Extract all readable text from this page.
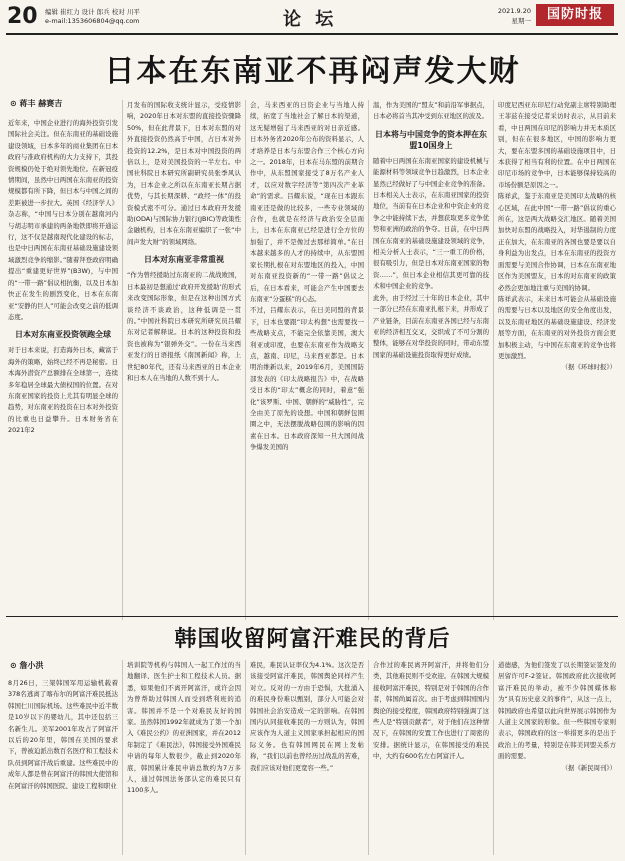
20 编辑 崔红力 设计 郎兵 校对 川平
e-mail:1353606804@qq.com	论 坛	2021.9.20
星期一	国防时报
日本在东南亚不再闷声发大财
⊙ 蒋丰 赫赛吉

近年来，中国企业进行的海外投资引发国际社会关注。但在东南亚的基础设施建设领域，日本多年的商业集团在日本政府与准政府机构的大力支持下，其投资规模仍处于绝对领先地位。在新冠疫情期间，虽然中日两国在东南亚的投资规模都有所下降，但日本与中国之间的差距被进一步拉大。英国《经济学人》杂志称，“中国与日本分别在越南河内与胡志明市承建的两条地铁即将开通运行，这不仅是越南现代化建设的标志，也是中日两国在东南亚基础设施建设领域激烈竞争的缩影。”随着拜登政府明确提出“重建更好世界”(B3W)，与中国的“一带一路”倡议相抗衡，以及日本加快正在发生的剧烈变化，日本在东南亚“安静的巨人”可能会改变之前的低调态度。

日本对东南亚投资领跑全球

对于日本来说，打造海外日本，藏富于海外的策略，始终已经不再是秘密。日本海外潜资产总额排在全球第一，连续多年稳居全球最大债权国的位置。在对东南亚国家的投资上尤其有明显全球的趋势，对东南亚的投资在日本对外投资的比重也日益攀升。日本财务省在2021年2

月发布的国际收支统计显示，受疫情影响，2020年日本对东盟的直接投资骤降50%，但在此背景下，日本对东盟的对外直接投资仍然高于中国，占日本对外投资的12.2%，是日本对中国投资的两倍以上，是对美国投资的一半左右。中国社科院日本研究所副研究员张季风认为，日本企业之所以在东南亚长期占据优势，与其长期深耕、“政经一体”的投资模式密不可分。通过日本政府开发援助(ODA)与国际协力银行(JBIC)等政策性金融机构，日本在东南亚编织了一张“中间声发大财”的领域网络。

日本对东南亚非常重视

“作为曾经援助过东南亚的二战战败国，日本最初是想通过‘政府开发援助’的形式来改变国际形象，但是在这种出国方式谈经济不谈政治，这种低调是一贯的。”中国社科院日本研究所研究员吕耀东对记者解释说。日本的这种投资和投资也被称为“银弹外交”。一份在马来西亚发行的日语报纸《南国新闻》称，上世纪80年代，还有马来西亚的日本企业和日本人在当地的人数不到十人。

会，马来西亚的日资企业与当地人持续，拓宽了当地社会了解日本的渠道，这无疑增强了马来西亚的对日亲近感。日本外务省2020年公布的资料显示，人才培养是日本与东盟合作三个核心方向之一。2018年，日本在马东盟的前期合作中，从东盟国家接受了8万名产业人才，以应对数字经济等“第四次产业革命”的需求。吕耀东说，“现在日本跟东南亚还是做的比较多，一些专业领域的合作，也就是在经济与政治安全层面上，日本在东南亚已经是进行全方位的加强了，并不是像过去那样简单。”在日本越来越多的人才的持续中，从东盟国家长期扎根在对东盟地区的投入，中国对东南亚投资新的“一带一路”倡议之后，在日本看来，可能会产生中国要去东南亚“分蛋糕”的心态。

不过，吕耀东表示，在日美同盟的背景下，日本也要跟“印太构想”也需要找一些战略支点，不能完全依靠美国，澳大利亚或印度，也要在东南亚作为战略支点，越南、印尼，马来西亚都是。日本明治维新以来，2019年6月，美国国防部发表的《印太战略报告》中，在战略受日本的“印太”概念的同时，着意“强化”该罗斯、中国、朝鲜的“威胁性”，完全由美了原先的设想。中国和朝鲜包围圈之中，无法摆脱战略包围的影响的因素在日本。日本政府深知一旦大国间战争爆发美国的

温，作为美国的“盟友”和前沿军事据点，日本必将首当其冲受到东亚地区的波及。

日本将与中国竞争的资本押在东盟10国身上

随着中日两国在东南亚国家的建设机械与能源材料等领域竞争日趋激烈，日本企业显然已经做好了与中国企业竞争的准备。日本相关人士表示，在东南亚国家的投资地位，当前有在日本企业和中资企业的竞争之中能持续下去，并想获取更多竞争优势和亚洲的政治的争夺。日前，在中日两国在东南亚的基础设施建设领域的竞争，相关分析人士表示，“三一重工的价格，很有吸引力，但是日本对东南亚国家的物资……”，但日本企业相信其更可靠的技术和中国企业的竞争。

此外，由于经过三十年的日本企业，其中一部分已经在东南亚扎根下来，并形成了产业链条，目前在东南亚各国已经与东南亚的经济相互交叉，交织成了不可分割的整体，能够在对华投资的同时，带动东盟国家的基础设施投资取得更好成绩。

印度尼西亚东印尼行动党副主席特别助理王菲兹在接受记者采访时表示，从目前来看，中日两国在印尼的影响力并无本质区别，但在在很多地区，中国的影响力更大，要在东盟多国的基础设施项目中，日本获得了相当有利的位置。在中日两国在印尼市场的竞争中，日本能够保持较高的市场份额是原因之一。

陈祥武，鉴于东南亚是美国印太战略的核心区域，在此中国“一带一路”倡议的重心所在，这是两大战略交汇地区。随着美国加快对东盟的战略投入，对华遏制的力度正在加大，在东南亚的各国也要是要以自身利益为出发点，日本在东南亚的投资方面需要与美国合作协调，日本在东南亚地区作为美国盟友，日本的对东南亚的政策必然会更加地注重与美国的协调。

陈祥武表示，未来日本可能会从基础设施的需要与日本以及地区的安全角度出发，以及东南亚地区的基础设施建设、经济发展等方面，在东南亚的对外投资方面会更加积极主动，与中国在东南亚的竞争也将更加激烈。

（据《环球时报》）

韩国收留阿富汗难民的背后
⊙ 詹小洪

8月26日，三架韩国军用运输机载着378名逃离了喀布尔的阿富汗难民抵达韩国仁川国际机场。这些难民中近半数是10岁以下的婴幼儿，其中还包括三名新生儿。美军2001年攻占了阿富汗以后的20年里，韩国在美国的要求下，曾被迫派出数百名医疗和工程技术队员到阿富汗战后重建。这些难民中的成年人都是曾在阿富汗的韩国大使馆和在阿富汗的韩国医院、建设工程和职业

培训院等机构与韩国人一起工作过的当地翻译、医生护士和工程技术人员。据悉，如果他们不离开阿富汗，或许会因为曾帮助过韩国人而受到塔利班的追害。韩国并不是一个对难民友好的国家。虽然韩国1992年就成为了第一个加入《难民公约》的亚洲国家，并在2012年制定了《难民法》，韩国接受外国难民申请的每年人数很少，截止到2020年底，韩国累计难民申请总数约为7万多人，通过韩国法务部认定的难民只有1100多人。

难民，难民认证率仅为4.1%。这次是否该接受阿富汗难民，韩国舆论同样产生对立。反对的一方由于恐惧，大批涌入的难民身份难以甄别，部分人可能会对韩国社会治安造成一定的影响。在韩国国内认同接收难民的一方则认为，韩国应该作为人道主义国家承担起相应的国际义务。也有韩国网民在网上发帖称，“我们以前也曾经历过战乱的苦难，我们应该对他们更宽容一些。”

合作过的难民离开阿富汗，并将他们分类，其他难民则不受欢迎。在韩国大规模接收阿富汗难民，特别是对于韩国的合作者，韩国尚属首次。由于考虑到韩国国内舆论的接受程度，韩国政府特别强调了这些人是“特别贡献者”，对于他们在这种情况下，在韩国的安置工作也进行了周密的安排。据统计显示，在韩国接受的难民中，大约有600名左右阿富汗人。

道德感，为他们签发了以长期签证签发的居留许可F-2签证。韩国政府此次接收阿富汗难民的举动，被不少韩国媒体称为“具有历史意义的事件”，从这一点上，韩国政府也希望以此向世界展示韩国作为人道主义国家的形象。但一些韩国专家则表示，韩国政府的这一举措更多的是出于政治上的考量，特别是在韩美同盟关系方面的需要。

（据《新民周刊》）
